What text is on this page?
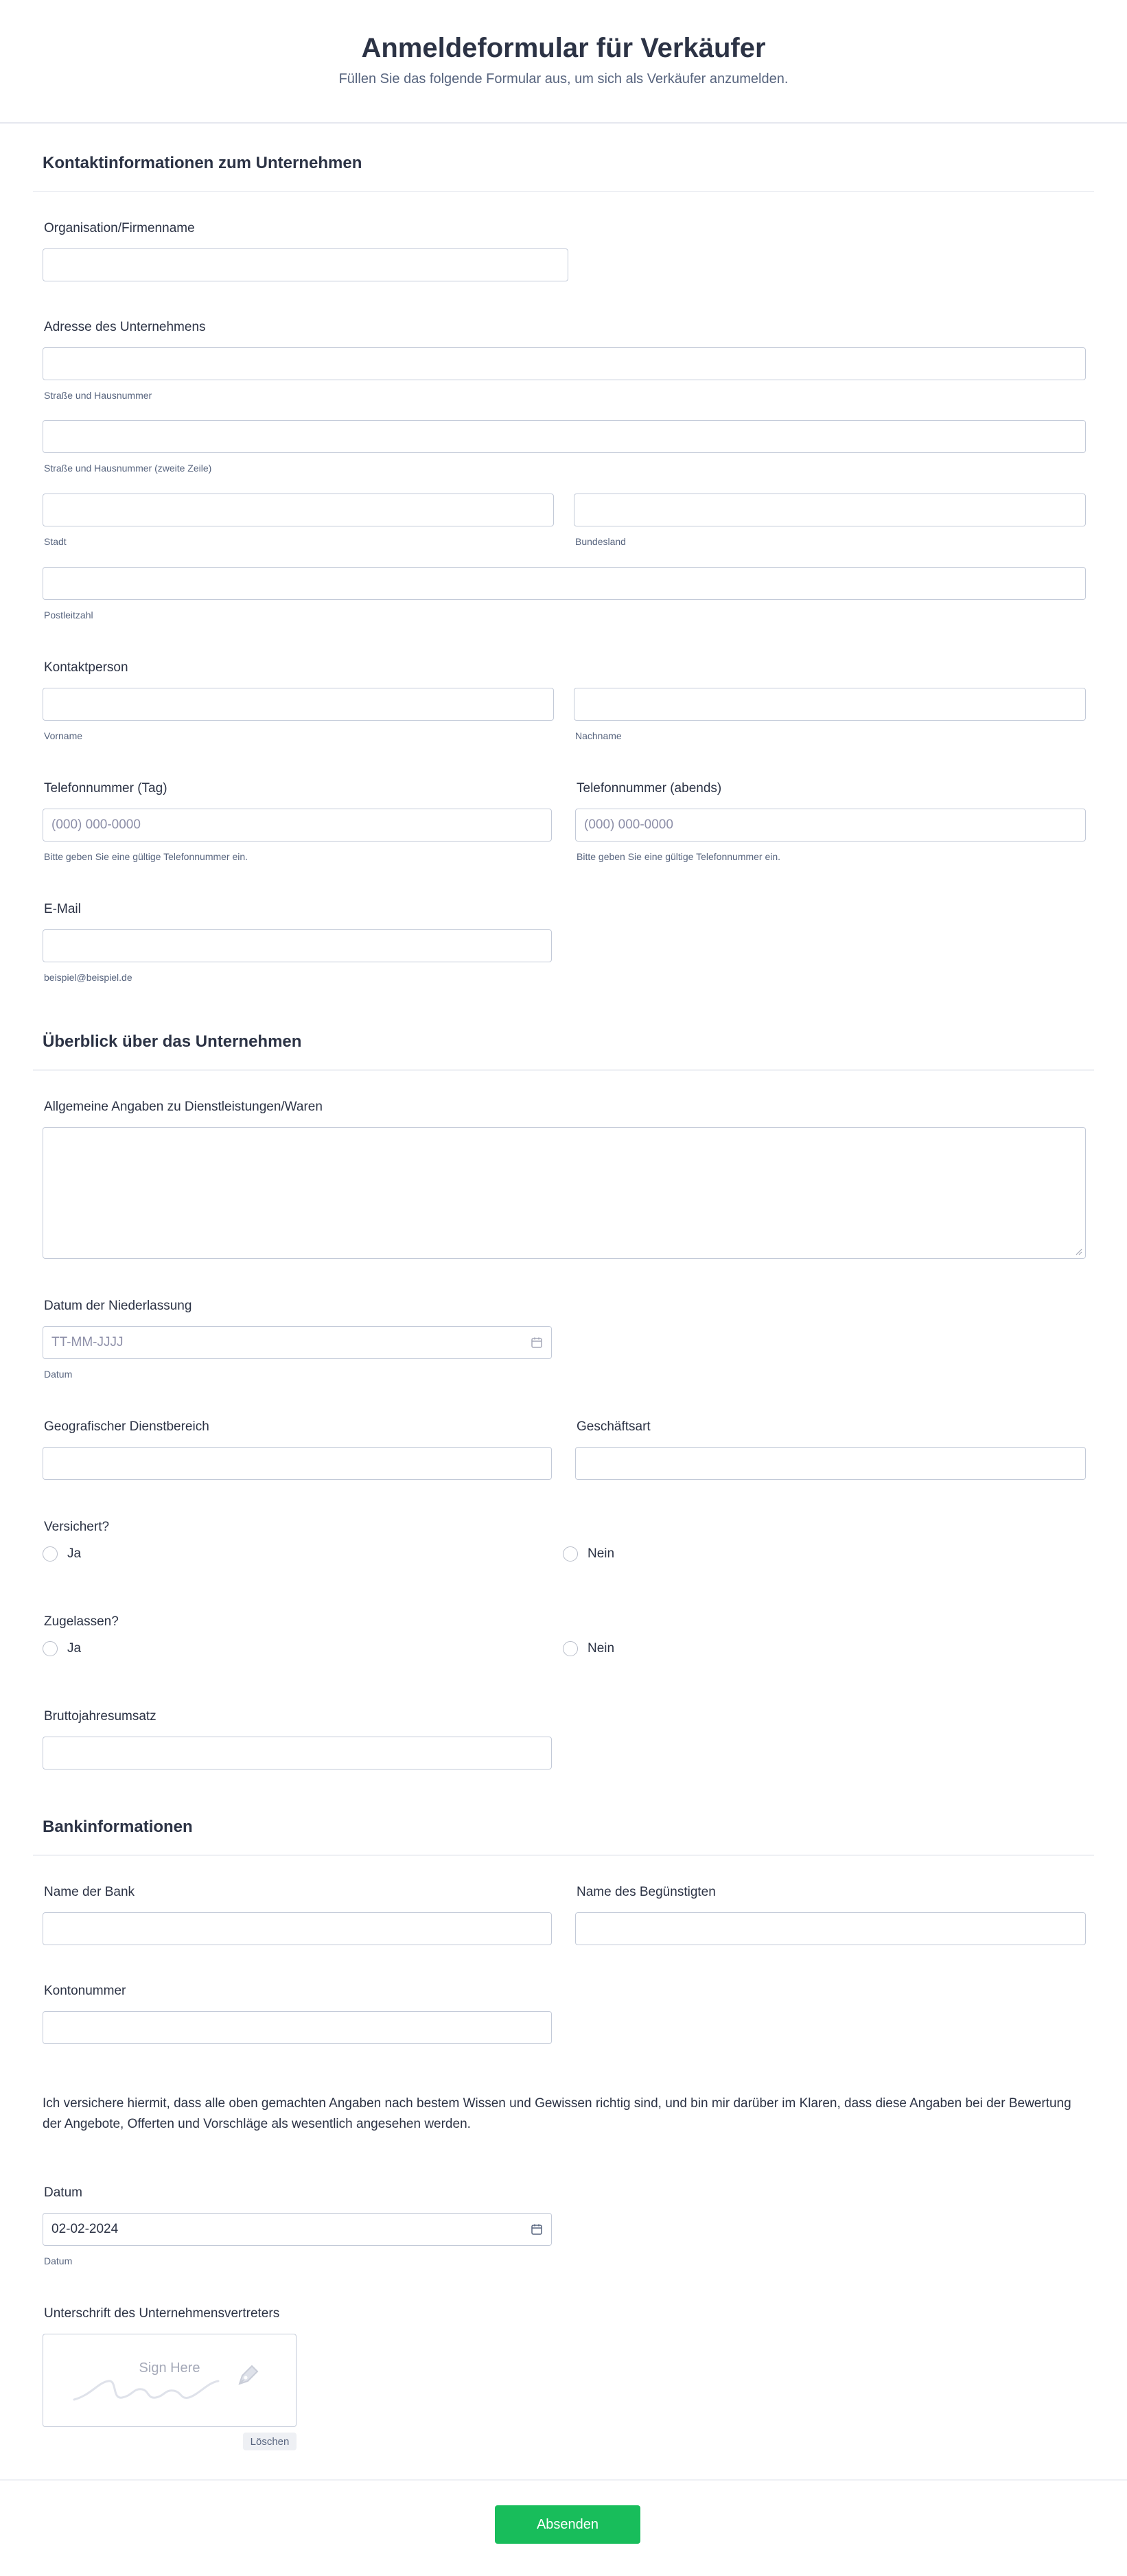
Anmeldeformular für Verkäufer

Füllen Sie das folgende Formular aus, um sich als Verkäufer anzumelden.

Kontaktinformationen zum Unternehmen
Organisation/Firmenname
Adresse des Unternehmens
Straße und Hausnummer
Straße und Hausnummer (zweite Zeile)
Stadt	Bundesland
Postleitzahl
Kontaktperson
Vorname	Nachname
Telefonnummer (Tag)
(000) 000-0000
Bitte geben Sie eine gültige Telefonnummer ein.
Telefonnummer (abends)
(000) 000-0000
Bitte geben Sie eine gültige Telefonnummer ein.
E-Mail
beispiel@beispiel.de
Überblick über das Unternehmen
Allgemeine Angaben zu Dienstleistungen/Waren
Datum der Niederlassung
TT-MM-JJJJ
Datum
Geografischer Dienstbereich	Geschäftsart
Versichert?
Ja	Nein
Zugelassen?
Ja	Nein
Bruttojahresumsatz
Bankinformationen
Name der Bank	Name des Begünstigten
Kontonummer

Ich versichere hiermit, dass alle oben gemachten Angaben nach bestem Wissen und Gewissen richtig sind, und bin mir darüber im Klaren, dass diese Angaben bei der Bewertung der Angebote, Offerten und Vorschläge als wesentlich angesehen werden.

Datum
02-02-2024
Datum
Unterschrift des Unternehmensvertreters
Sign Here
Löschen
Absenden
